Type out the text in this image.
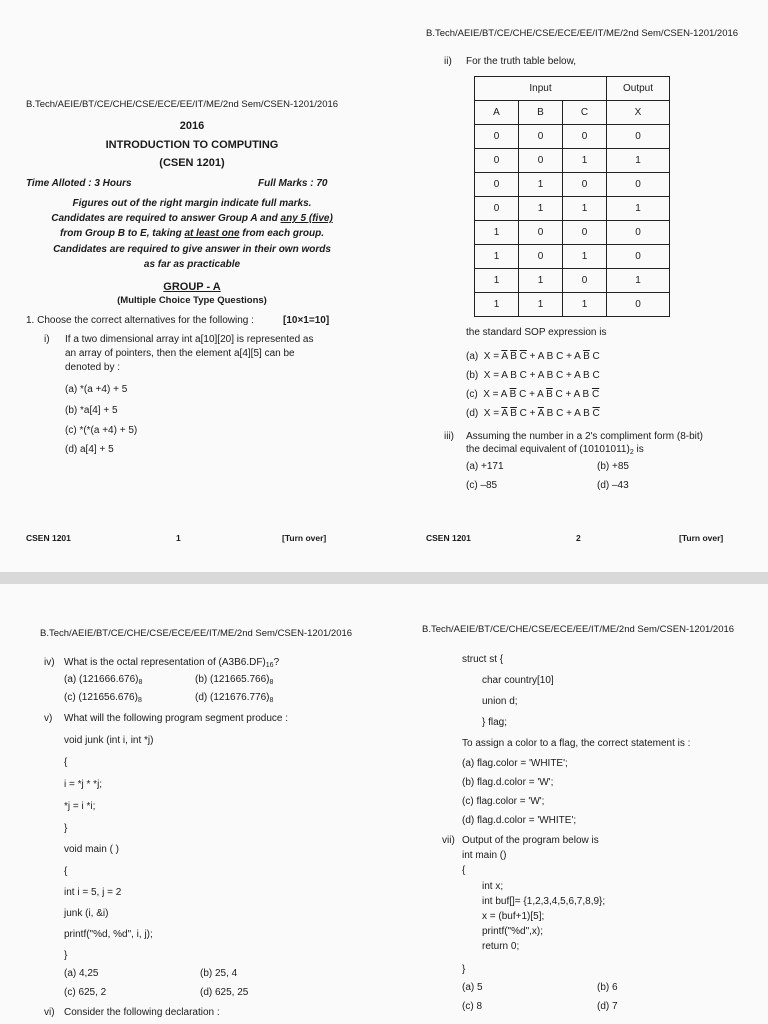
B.Tech/AEIE/BT/CE/CHE/CSE/ECE/EE/IT/ME/2nd Sem/CSEN-1201/2016
2016
INTRODUCTION TO COMPUTING
(CSEN 1201)
Time Alloted : 3 Hours	Full Marks : 70
Figures out of the right margin indicate full marks.
Candidates are required to answer Group A and any 5 (five)
from Group B to E, taking at least one from each group.
Candidates are required to give answer in their own words
as far as practicable
GROUP - A
(Multiple Choice Type Questions)
1. Choose the correct alternatives for the following :	[10×1=10]
i) If a two dimensional array int a[10][20] is represented as
an array of pointers, then the element a[4][5] can be
denoted by :
(a) *(a +4) + 5
(b) *a[4] + 5
(c) *(*(a +4) + 5)
(d) a[4] + 5
CSEN 1201	1	[Turn over]
B.Tech/AEIE/BT/CE/CHE/CSE/ECE/EE/IT/ME/2nd Sem/CSEN-1201/2016
ii) For the truth table below,
Input			Output
A	B	C	X
0	0	0	0
0	0	1	1
0	1	0	0
0	1	1	1
1	0	0	0
1	0	1	0
1	1	0	1
1	1	1	0
the standard SOP expression is
(a)  $X = \overline{A}$ $\overline{B}$ $\overline{C} + A$ B C + A $\overline{B}$ C
(b)  X = A B C + A B C + A B C
(c)  X = A $\overline{B}$ C + A $\overline{B}$ C + A B $\overline{C}$
(d)  $X = \overline{A}$ $\overline{B}$ $C + \overline{A}$ B C + A B $\overline{C}$
iii) Assuming the number in a 2's compliment form (8-bit)
the decimal equivalent of $(10101011)_2$ is
(a) +171	(b) +85
(c) –85	(d) –43
CSEN 1201	2	[Turn over]
B.Tech/AEIE/BT/CE/CHE/CSE/ECE/EE/IT/ME/2nd Sem/CSEN-1201/2016
iv) What is the octal representation of $(A3B6.DF)_{16}$?
(a) $(121666.676)_8$	(b) $(121665.766)_8$
(c) $(121656.676)_8$	(d) $(121676.776)_8$
v) What will the following program segment produce :
void junk (int i, int *j)
{
i = *j * *j;
*j = i *i;
}
void main ( )
{
int i = 5, j = 2
junk (i, &i)
printf("%d, %d", i, j);
}
(a) 4,25	(b) 25, 4
(c) 625, 2	(d) 625, 25
vi) Consider the following declaration :
B.Tech/AEIE/BT/CE/CHE/CSE/ECE/EE/IT/ME/2nd Sem/CSEN-1201/2016
struct st {
char country[10]
union d;
} flag;
To assign a color to a flag, the correct statement is :
(a) flag.color = 'WHITE';
(b) flag.d.color = 'W';
(c) flag.color = 'W';
(d) flag.d.color = 'WHITE';
vii) Output of the program below is
int main ()
{
int x;
int buf[]= {1,2,3,4,5,6,7,8,9};
x = (buf+1)[5];
printf("%d",x);
return 0;
}
(a) 5	(b) 6
(c) 8	(d) 7
